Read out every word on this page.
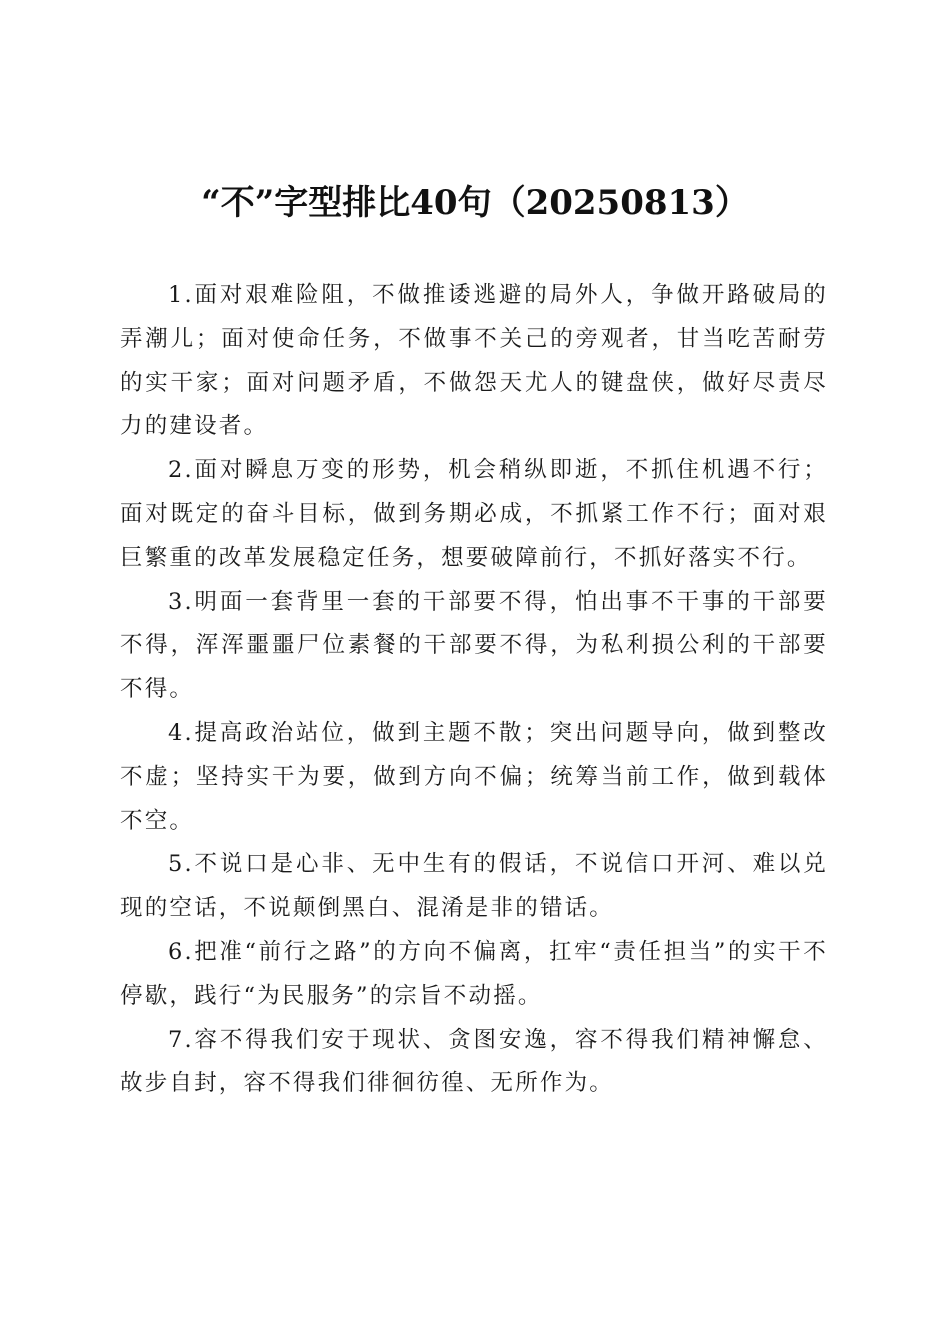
“不”字型排比40句（20250813）

1.面对艰难险阻，不做推诿逃避的局外人，争做开路破局的弄潮儿；面对使命任务，不做事不关己的旁观者，甘当吃苦耐劳的实干家；面对问题矛盾，不做怨天尤人的键盘侠，做好尽责尽力的建设者。

2.面对瞬息万变的形势，机会稍纵即逝，不抓住机遇不行；面对既定的奋斗目标，做到务期必成，不抓紧工作不行；面对艰巨繁重的改革发展稳定任务，想要破障前行，不抓好落实不行。

3.明面一套背里一套的干部要不得，怕出事不干事的干部要不得，浑浑噩噩尸位素餐的干部要不得，为私利损公利的干部要不得。

4.提高政治站位，做到主题不散；突出问题导向，做到整改不虚；坚持实干为要，做到方向不偏；统筹当前工作，做到载体不空。

5.不说口是心非、无中生有的假话，不说信口开河、难以兑现的空话，不说颠倒黑白、混淆是非的错话。

6.把准“前行之路”的方向不偏离，扛牢“责任担当”的实干不停歇，践行“为民服务”的宗旨不动摇。

7.容不得我们安于现状、贪图安逸，容不得我们精神懈怠、故步自封，容不得我们徘徊彷徨、无所作为。
